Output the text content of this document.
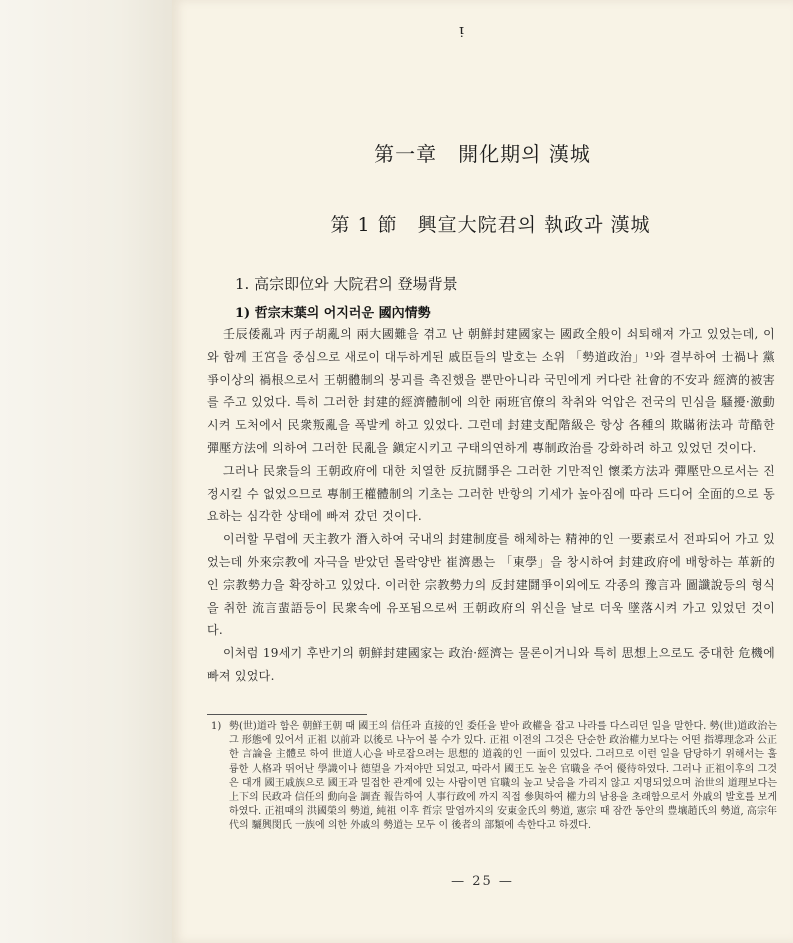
ᵎ
第一章　開化期의 漢城
第 1 節　興宣大院君의 執政과 漢城
1. 高宗即位와 大院君의 登場背景
1) 哲宗末葉의 어지러운 國內情勢

壬辰倭亂과 丙子胡亂의 兩大國難을 겪고 난 朝鮮封建國家는 國政全般이 쇠퇴해져 가고 있었는데, 이와 함께 王宮을 중심으로 새로이 대두하게된 戚臣들의 발호는 소위 「勢道政治」¹⁾와 결부하여 士禍나 黨爭이상의 禍根으로서 王朝體制의 붕괴를 촉진했을 뿐만아니라 국민에게 커다란 社會的不安과 經濟的被害를 주고 있었다. 특히 그러한 封建的經濟體制에 의한 兩班官僚의 착취와 억압은 전국의 민심을 騷擾·激動시켜 도처에서 民衆叛亂을 폭발케 하고 있었다. 그런데 封建支配階級은 항상 各種의 欺瞞術法과 苛酷한 彈壓方法에 의하여 그러한 民亂을 鎭定시키고 구태의연하게 專制政治를 강화하려 하고 있었던 것이다.

그러나 民衆들의 王朝政府에 대한 치열한 反抗鬪爭은 그러한 기만적인 懷柔方法과 彈壓만으로서는 진정시킬 수 없었으므로 專制王權體制의 기초는 그러한 반항의 기세가 높아짐에 따라 드디어 全面的으로 동요하는 심각한 상태에 빠져 갔던 것이다.

이러할 무렵에 天主教가 潛入하여 국내의 封建制度를 해체하는 精神的인 一要素로서 전파되어 가고 있었는데 外來宗教에 자극을 받았던 몰락양반 崔濟愚는 「東學」을 창시하여 封建政府에 배항하는 革新的인 宗教勢力을 확장하고 있었다. 이러한 宗教勢力의 反封建鬪爭이외에도 각종의 豫言과 圖讖說등의 형식을 취한 流言蜚語등이 民衆속에 유포됨으로써 王朝政府의 위신을 날로 더욱 墜落시켜 가고 있었던 것이다.

이처럼 19세기 후반기의 朝鮮封建國家는 政治·經濟는 물론이거니와 특히 思想上으로도 중대한 危機에 빠져 있었다.

1) 勢(世)道라 함은 朝鮮王朝 때 國王의 信任과 直接的인 委任을 받아 政權을 잡고 나라를 다스리던 일을 말한다. 勢(世)道政治는 그 形態에 있어서 正祖 以前과 以後로 나누어 볼 수가 있다. 正祖 이전의 그것은 단순한 政治權力보다는 어떤 指導理念과 公正한 言論을 主體로 하여 世道人心을 바로잡으려는 思想的 道義的인 一面이 있었다. 그러므로 이런 일을 담당하기 위해서는 훌륭한 人格과 뛰어난 學識이나 德望을 가져야만 되었고, 따라서 國王도 높은 官職을 주어 優待하였다. 그러나 正祖이후의 그것은 대개 國王戚族으로 國王과 밀접한 관계에 있는 사람이면 官職의 높고 낮음을 가리지 않고 지명되었으며 治世의 道理보다는 上下의 民政과 信任의 動向을 調査 報告하여 人事行政에 까지 직접 參與하여 權力의 남용을 초래함으로서 外戚의 발호를 보게 하였다. 正祖때의 洪國榮의 勢道, 純祖 이후 哲宗 말엽까지의 安東金氏의 勢道, 憲宗 때 잠깐 동안의 豊壤趙氏의 勢道, 高宗年代의 驪興閔氏 一族에 의한 外戚의 勢道는 모두 이 後者의 部類에 속한다고 하겠다.
— 25 —
